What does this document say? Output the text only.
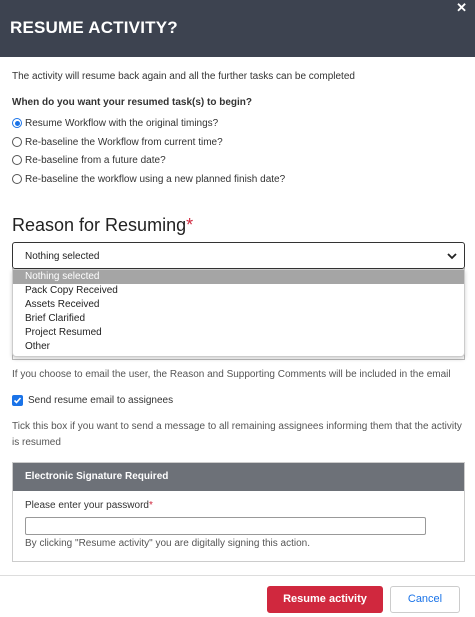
RESUME ACTIVITY?
✕
The activity will resume back again and all the further tasks can be completed
When do you want your resumed task(s) to begin?
Resume Workflow with the original timings?
Re-baseline the Workflow from current time?
Re-baseline from a future date?
Re-baseline the workflow using a new planned finish date?
Reason for Resuming*
Nothing selected
Nothing selected
Pack Copy Received
Assets Received
Brief Clarified
Project Resumed
Other
If you choose to email the user, the Reason and Supporting Comments will be included in the email
Send resume email to assignees
Tick this box if you want to send a message to all remaining assignees informing them that the activity is resumed
Electronic Signature Required
Please enter your password*
By clicking "Resume activity" you are digitally signing this action.
Resume activity	Cancel
